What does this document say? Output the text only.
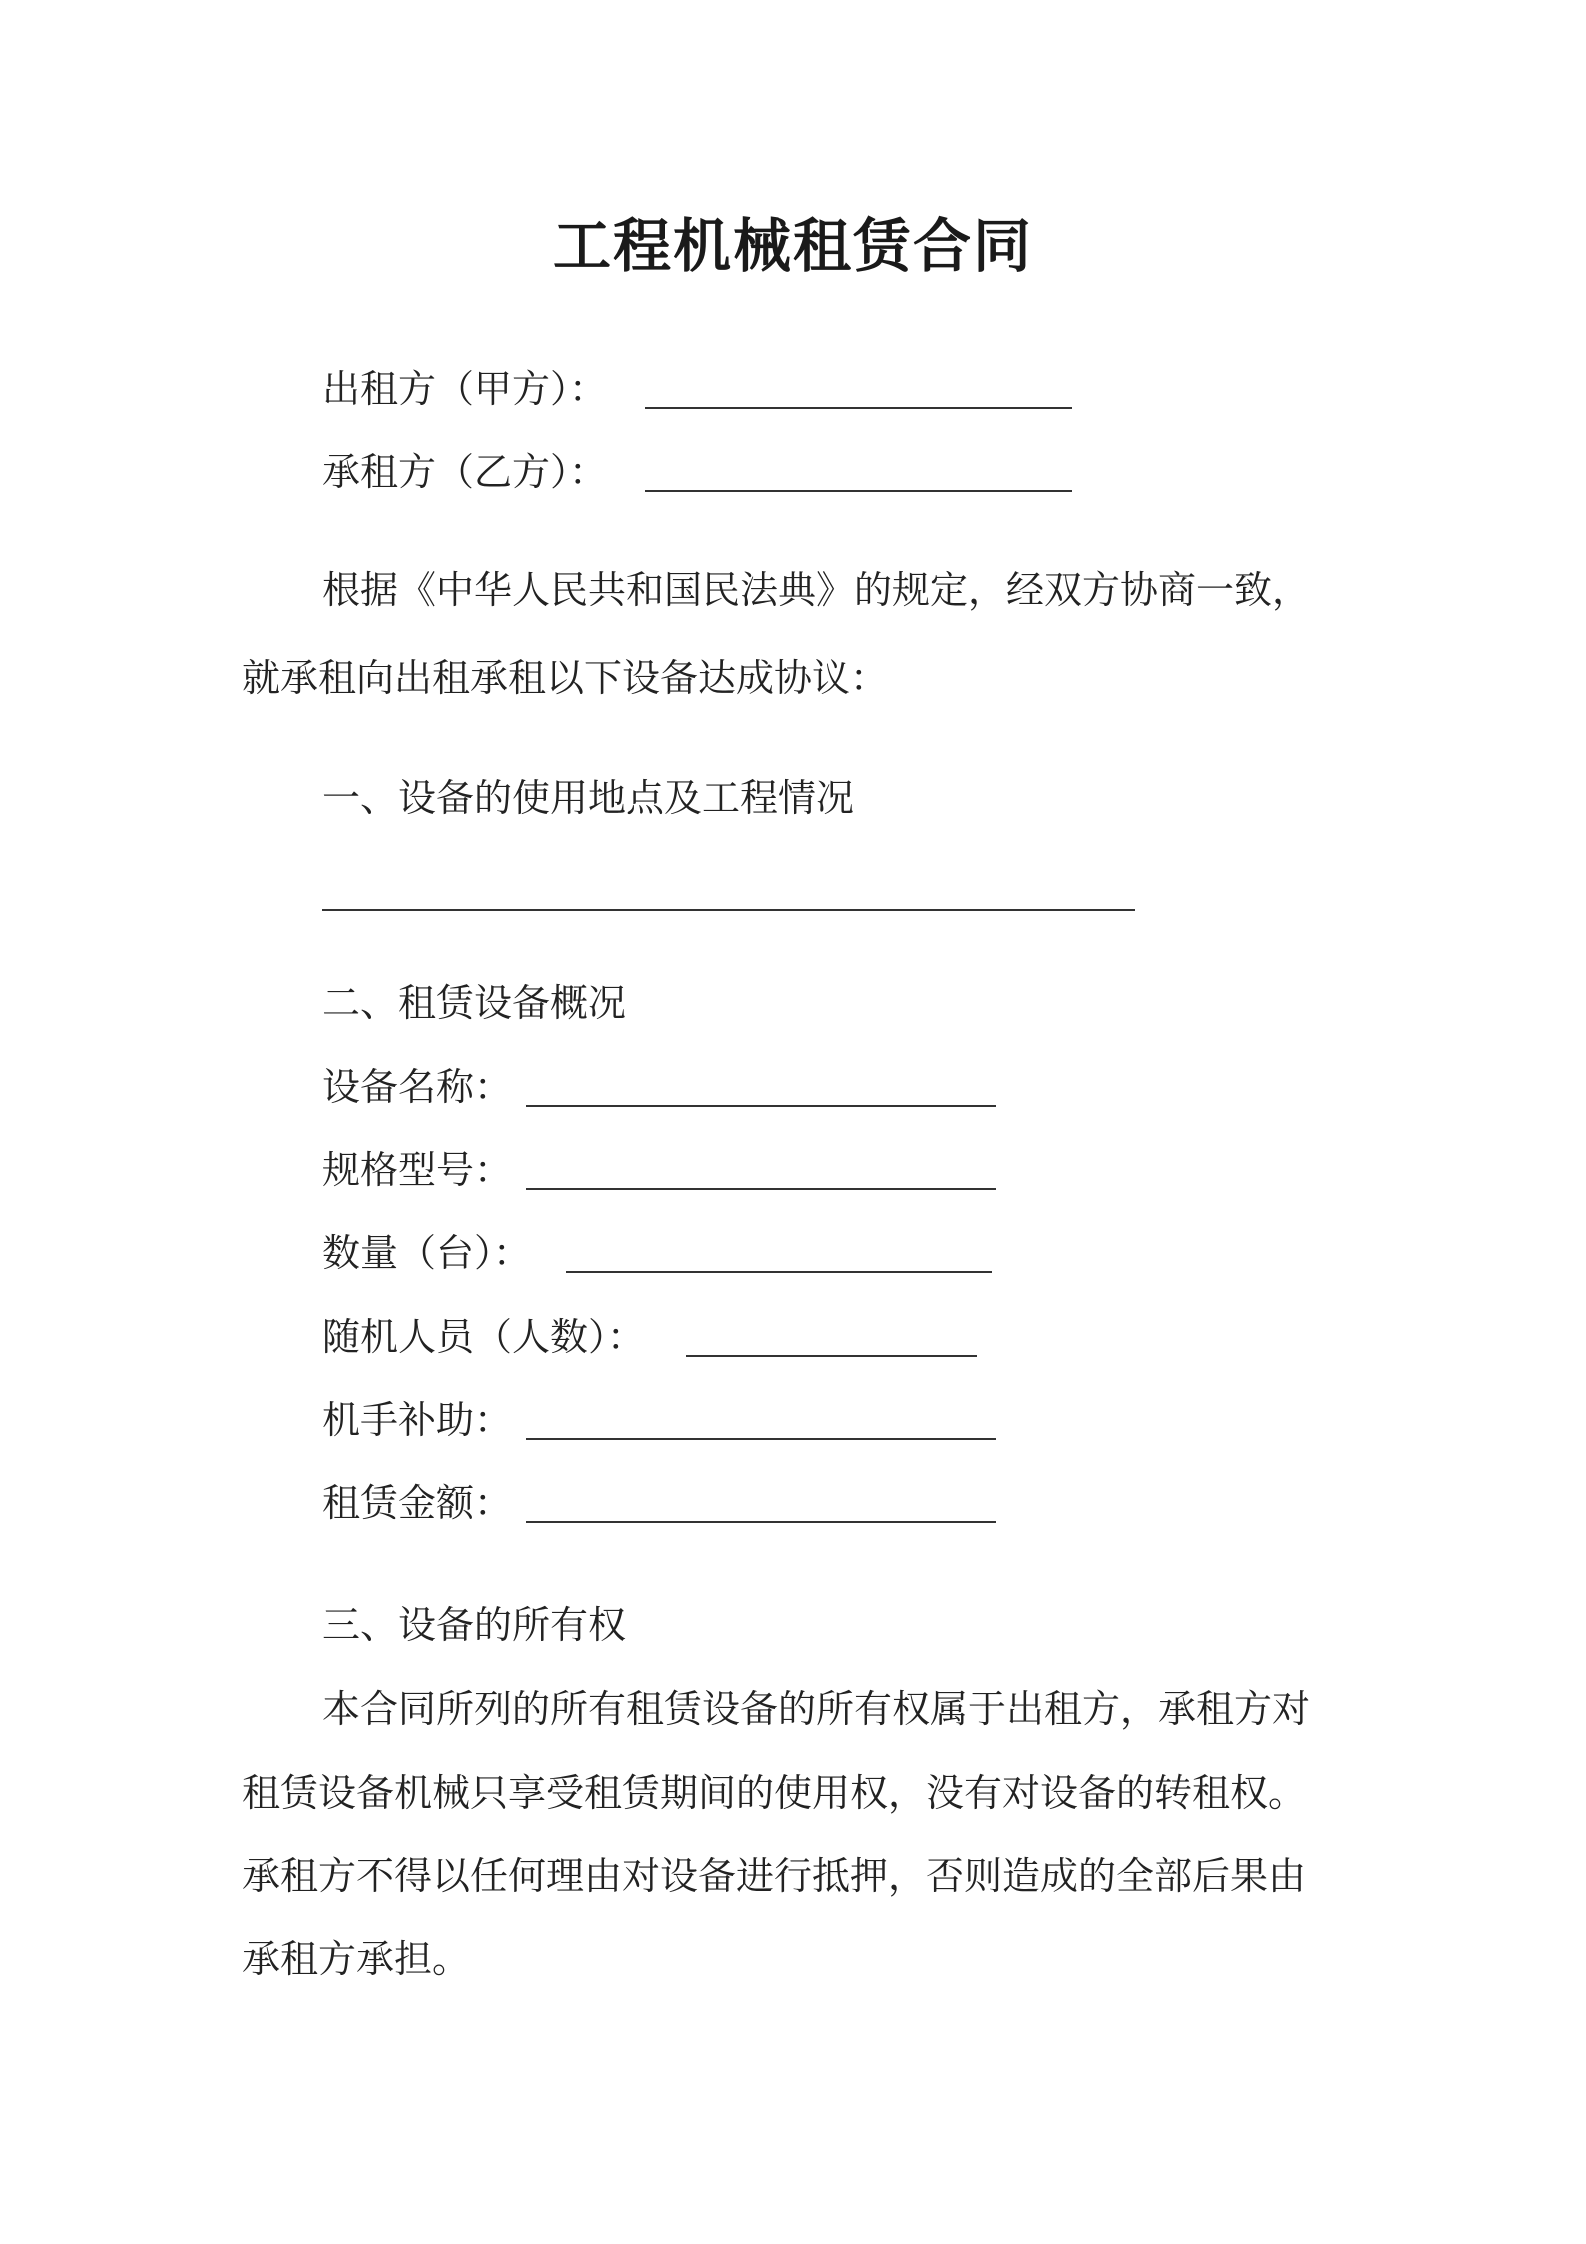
工程机械租赁合同
出租方（甲方）：
承租方（乙方）：
根据《中华人民共和国民法典》的规定，经双方协商一致，
就承租向出租承租以下设备达成协议：
一、设备的使用地点及工程情况
二、租赁设备概况
设备名称：
规格型号：
数量（台）：
随机人员（人数）：
机手补助：
租赁金额：
三、设备的所有权
本合同所列的所有租赁设备的所有权属于出租方，承租方对
租赁设备机械只享受租赁期间的使用权，没有对设备的转租权。
承租方不得以任何理由对设备进行抵押，否则造成的全部后果由
承租方承担。
